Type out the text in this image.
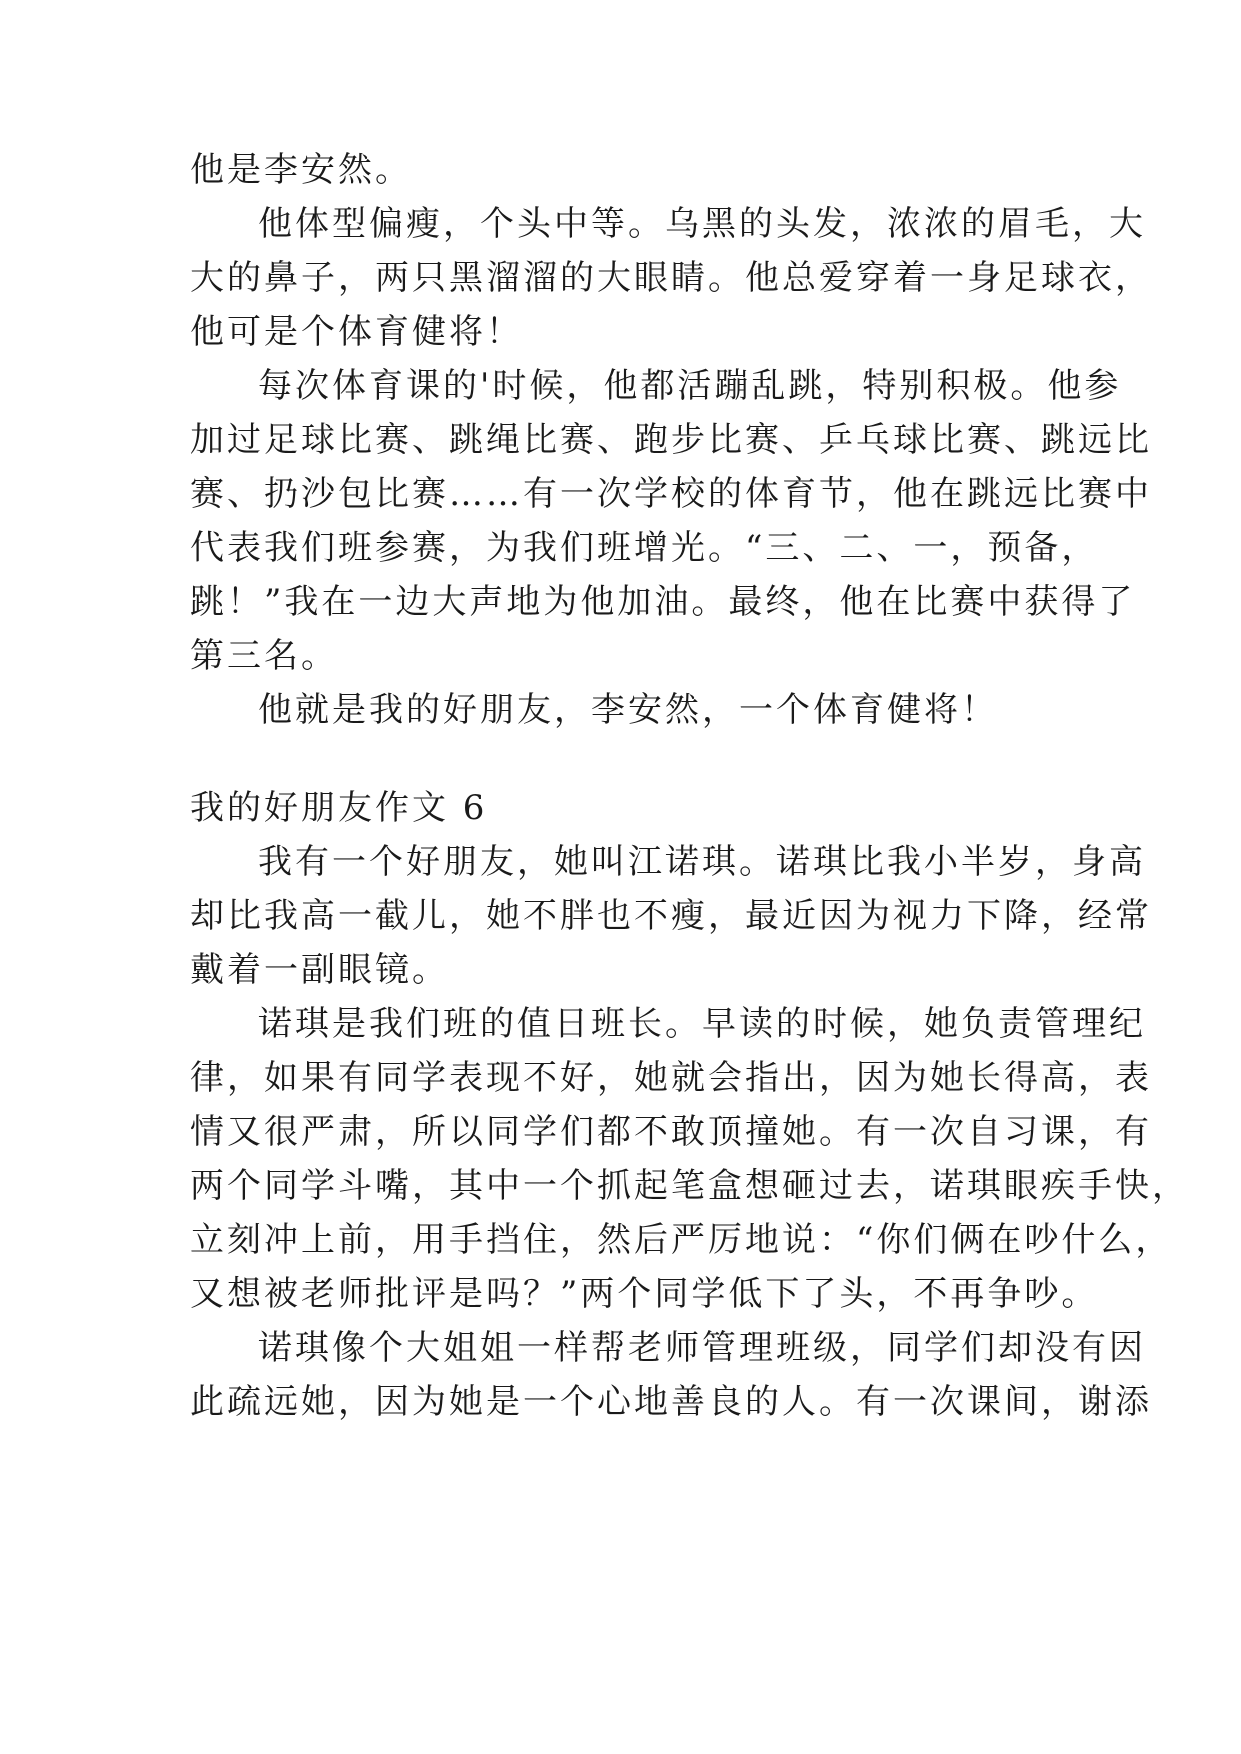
他是李安然。
他体型偏瘦，个头中等。乌黑的头发，浓浓的眉毛，大
大的鼻子，两只黑溜溜的大眼睛。他总爱穿着一身足球衣，
他可是个体育健将！
每次体育课的'时候，他都活蹦乱跳，特别积极。他参
加过足球比赛、跳绳比赛、跑步比赛、乒乓球比赛、跳远比
赛、扔沙包比赛……有一次学校的体育节，他在跳远比赛中
代表我们班参赛，为我们班增光。“三、二、一，预备，
跳！”我在一边大声地为他加油。最终，他在比赛中获得了
第三名。
他就是我的好朋友，李安然，一个体育健将！
我的好朋友作文 6
我有一个好朋友，她叫江诺琪。诺琪比我小半岁，身高
却比我高一截儿，她不胖也不瘦，最近因为视力下降，经常
戴着一副眼镜。
诺琪是我们班的值日班长。早读的时候，她负责管理纪
律，如果有同学表现不好，她就会指出，因为她长得高，表
情又很严肃，所以同学们都不敢顶撞她。有一次自习课，有
两个同学斗嘴，其中一个抓起笔盒想砸过去，诺琪眼疾手快，
立刻冲上前，用手挡住，然后严厉地说：“你们俩在吵什么，
又想被老师批评是吗？”两个同学低下了头，不再争吵。
诺琪像个大姐姐一样帮老师管理班级，同学们却没有因
此疏远她，因为她是一个心地善良的人。有一次课间，谢添
